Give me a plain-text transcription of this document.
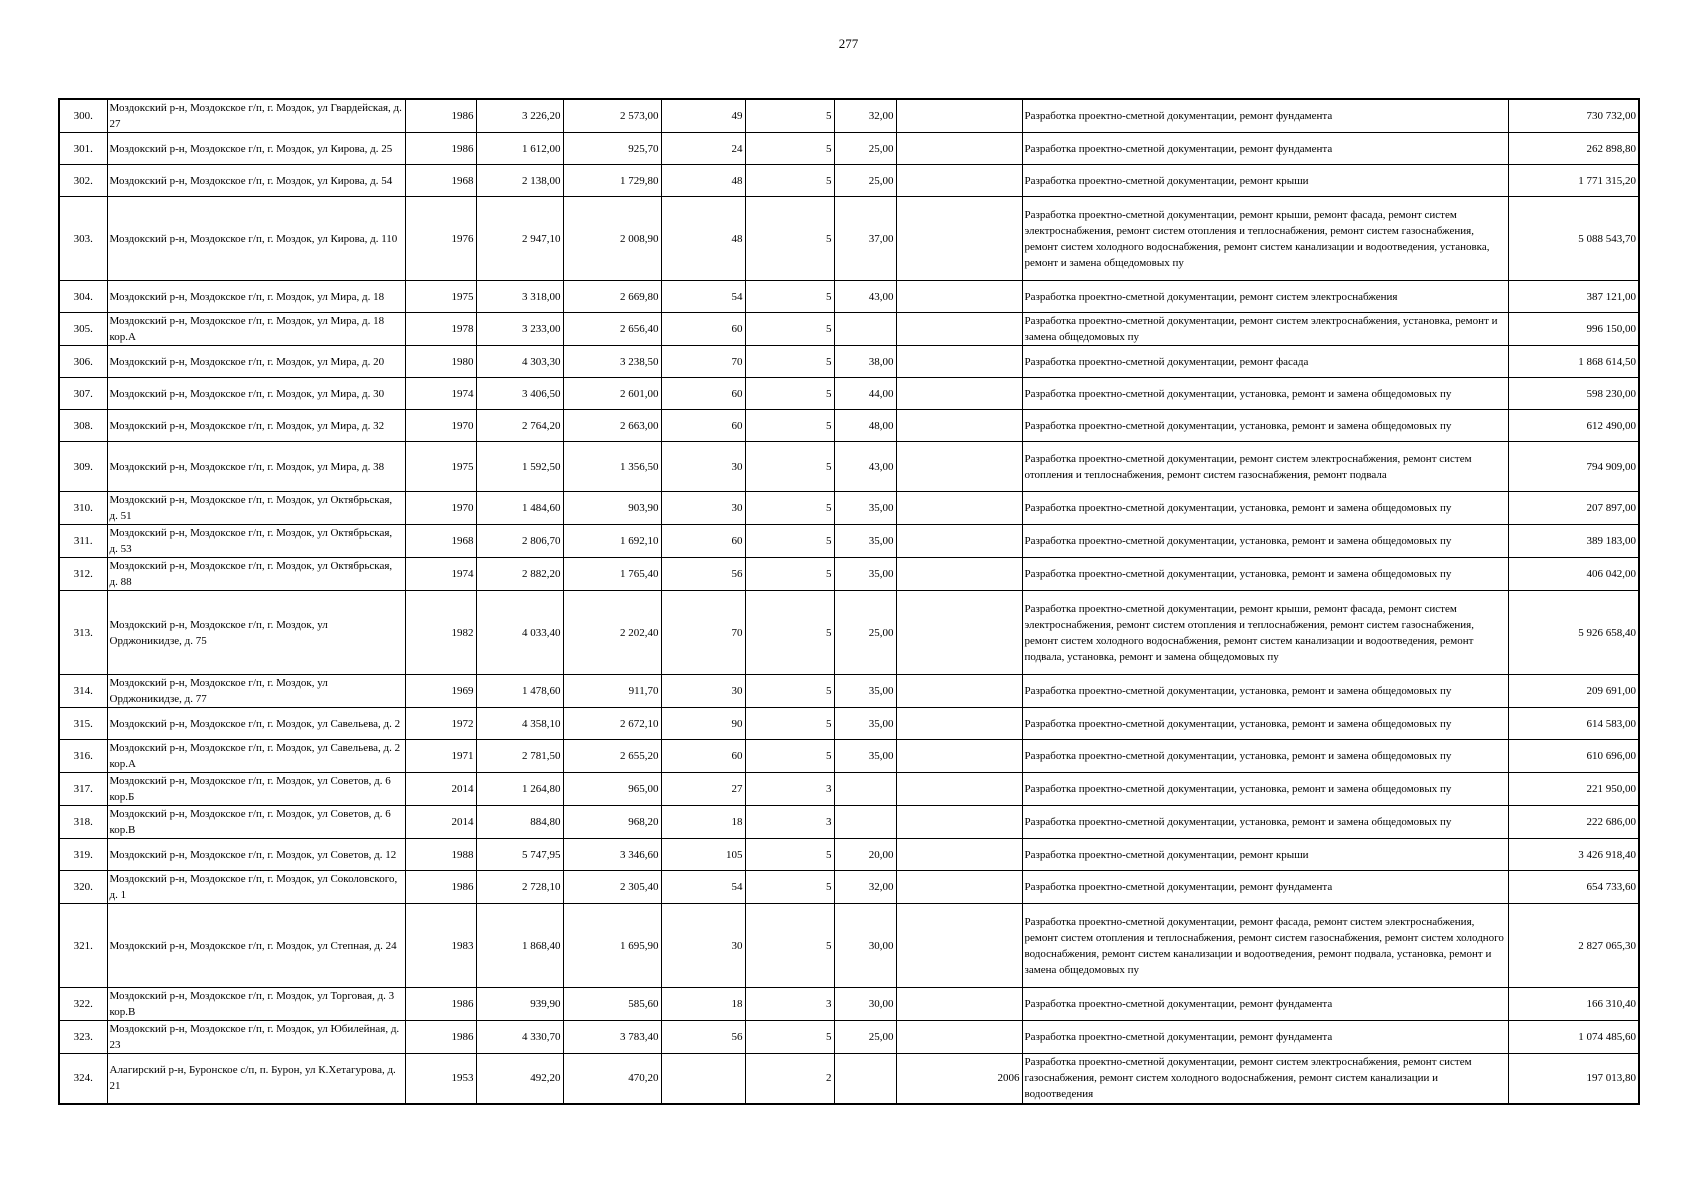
277
300.	Моздокский р-н, Моздокское г/п, г. Моздок, ул Гвардейская, д. 27	1986	3 226,20	2 573,00	49	5	32,00		Разработка проектно-сметной документации, ремонт фундамента	730 732,00
301.	Моздокский р-н, Моздокское г/п, г. Моздок, ул Кирова, д. 25	1986	1 612,00	925,70	24	5	25,00		Разработка проектно-сметной документации, ремонт фундамента	262 898,80
302.	Моздокский р-н, Моздокское г/п, г. Моздок, ул Кирова, д. 54	1968	2 138,00	1 729,80	48	5	25,00		Разработка проектно-сметной документации, ремонт крыши	1 771 315,20
303.	Моздокский р-н, Моздокское г/п, г. Моздок, ул Кирова, д. 110	1976	2 947,10	2 008,90	48	5	37,00		Разработка проектно-сметной документации, ремонт крыши, ремонт фасада, ремонт систем электроснабжения, ремонт систем отопления и теплоснабжения, ремонт систем газоснабжения, ремонт систем холодного водоснабжения, ремонт систем канализации и водоотведения, установка, ремонт и замена общедомовых пу	5 088 543,70
304.	Моздокский р-н, Моздокское г/п, г. Моздок, ул Мира, д. 18	1975	3 318,00	2 669,80	54	5	43,00		Разработка проектно-сметной документации, ремонт систем электроснабжения	387 121,00
305.	Моздокский р-н, Моздокское г/п, г. Моздок, ул Мира, д. 18 кор.А	1978	3 233,00	2 656,40	60	5			Разработка проектно-сметной документации, ремонт систем электроснабжения, установка, ремонт и замена общедомовых пу	996 150,00
306.	Моздокский р-н, Моздокское г/п, г. Моздок, ул Мира, д. 20	1980	4 303,30	3 238,50	70	5	38,00		Разработка проектно-сметной документации, ремонт фасада	1 868 614,50
307.	Моздокский р-н, Моздокское г/п, г. Моздок, ул Мира, д. 30	1974	3 406,50	2 601,00	60	5	44,00		Разработка проектно-сметной документации, установка, ремонт и замена общедомовых пу	598 230,00
308.	Моздокский р-н, Моздокское г/п, г. Моздок, ул Мира, д. 32	1970	2 764,20	2 663,00	60	5	48,00		Разработка проектно-сметной документации, установка, ремонт и замена общедомовых пу	612 490,00
309.	Моздокский р-н, Моздокское г/п, г. Моздок, ул Мира, д. 38	1975	1 592,50	1 356,50	30	5	43,00		Разработка проектно-сметной документации, ремонт систем электроснабжения, ремонт систем отопления и теплоснабжения, ремонт систем газоснабжения, ремонт подвала	794 909,00
310.	Моздокский р-н, Моздокское г/п, г. Моздок, ул Октябрьская, д. 51	1970	1 484,60	903,90	30	5	35,00		Разработка проектно-сметной документации, установка, ремонт и замена общедомовых пу	207 897,00
311.	Моздокский р-н, Моздокское г/п, г. Моздок, ул Октябрьская, д. 53	1968	2 806,70	1 692,10	60	5	35,00		Разработка проектно-сметной документации, установка, ремонт и замена общедомовых пу	389 183,00
312.	Моздокский р-н, Моздокское г/п, г. Моздок, ул Октябрьская, д. 88	1974	2 882,20	1 765,40	56	5	35,00		Разработка проектно-сметной документации, установка, ремонт и замена общедомовых пу	406 042,00
313.	Моздокский р-н, Моздокское г/п, г. Моздок, ул Орджоникидзе, д. 75	1982	4 033,40	2 202,40	70	5	25,00		Разработка проектно-сметной документации, ремонт крыши, ремонт фасада, ремонт систем электроснабжения, ремонт систем отопления и теплоснабжения, ремонт систем газоснабжения, ремонт систем холодного водоснабжения, ремонт систем канализации и водоотведения, ремонт подвала, установка, ремонт и замена общедомовых пу	5 926 658,40
314.	Моздокский р-н, Моздокское г/п, г. Моздок, ул Орджоникидзе, д. 77	1969	1 478,60	911,70	30	5	35,00		Разработка проектно-сметной документации, установка, ремонт и замена общедомовых пу	209 691,00
315.	Моздокский р-н, Моздокское г/п, г. Моздок, ул Савельева, д. 2	1972	4 358,10	2 672,10	90	5	35,00		Разработка проектно-сметной документации, установка, ремонт и замена общедомовых пу	614 583,00
316.	Моздокский р-н, Моздокское г/п, г. Моздок, ул Савельева, д. 2 кор.А	1971	2 781,50	2 655,20	60	5	35,00		Разработка проектно-сметной документации, установка, ремонт и замена общедомовых пу	610 696,00
317.	Моздокский р-н, Моздокское г/п, г. Моздок, ул Советов, д. 6 кор.Б	2014	1 264,80	965,00	27	3			Разработка проектно-сметной документации, установка, ремонт и замена общедомовых пу	221 950,00
318.	Моздокский р-н, Моздокское г/п, г. Моздок, ул Советов, д. 6 кор.В	2014	884,80	968,20	18	3			Разработка проектно-сметной документации, установка, ремонт и замена общедомовых пу	222 686,00
319.	Моздокский р-н, Моздокское г/п, г. Моздок, ул Советов, д. 12	1988	5 747,95	3 346,60	105	5	20,00		Разработка проектно-сметной документации, ремонт крыши	3 426 918,40
320.	Моздокский р-н, Моздокское г/п, г. Моздок, ул Соколовского, д. 1	1986	2 728,10	2 305,40	54	5	32,00		Разработка проектно-сметной документации, ремонт фундамента	654 733,60
321.	Моздокский р-н, Моздокское г/п, г. Моздок, ул Степная, д. 24	1983	1 868,40	1 695,90	30	5	30,00		Разработка проектно-сметной документации, ремонт фасада, ремонт систем электроснабжения, ремонт систем отопления и теплоснабжения, ремонт систем газоснабжения, ремонт систем холодного водоснабжения, ремонт систем канализации и водоотведения, ремонт подвала, установка, ремонт и замена общедомовых пу	2 827 065,30
322.	Моздокский р-н, Моздокское г/п, г. Моздок, ул Торговая, д. 3 кор.В	1986	939,90	585,60	18	3	30,00		Разработка проектно-сметной документации, ремонт фундамента	166 310,40
323.	Моздокский р-н, Моздокское г/п, г. Моздок, ул Юбилейная, д. 23	1986	4 330,70	3 783,40	56	5	25,00		Разработка проектно-сметной документации, ремонт фундамента	1 074 485,60
324.	Алагирский р-н, Буронское с/п, п. Бурон, ул К.Хетагурова, д. 21	1953	492,20	470,20		2		2006	Разработка проектно-сметной документации, ремонт систем электроснабжения, ремонт систем газоснабжения, ремонт систем холодного водоснабжения, ремонт систем канализации и водоотведения	197 013,80
